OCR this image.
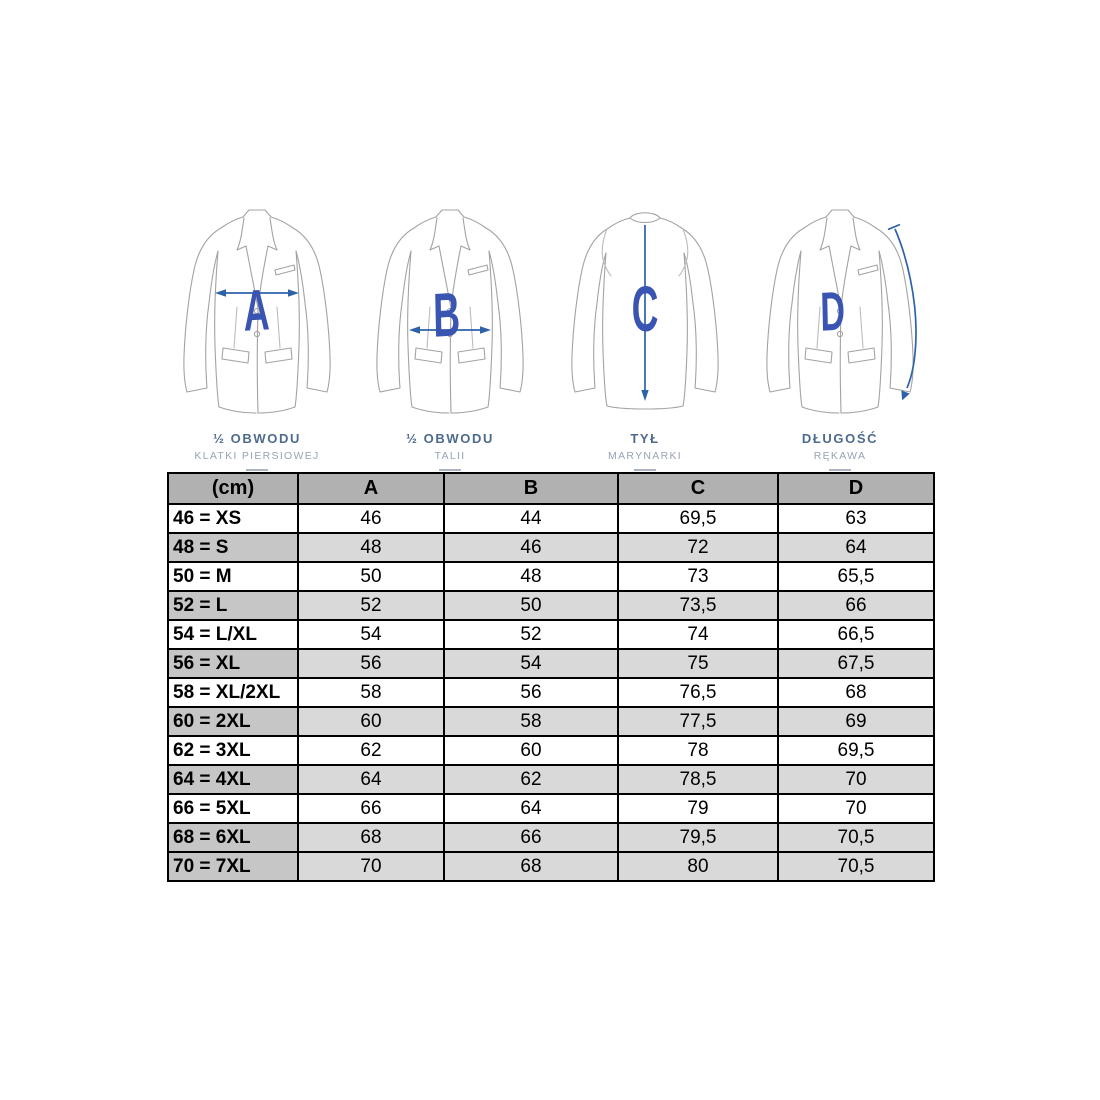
A	B	C	D
½ OBWODU
KLATKI PIERSIOWEJ
½ OBWODU
TALII
TYŁ
MARYNARKI
DŁUGOŚĆ
RĘKAWA
(cm)	A	B	C	D
46 = XS	46	44	69,5	63
48 = S	48	46	72	64
50 = M	50	48	73	65,5
52 = L	52	50	73,5	66
54 = L/XL	54	52	74	66,5
56 = XL	56	54	75	67,5
58 = XL/2XL	58	56	76,5	68
60 = 2XL	60	58	77,5	69
62 = 3XL	62	60	78	69,5
64 = 4XL	64	62	78,5	70
66 = 5XL	66	64	79	70
68 = 6XL	68	66	79,5	70,5
70 = 7XL	70	68	80	70,5
